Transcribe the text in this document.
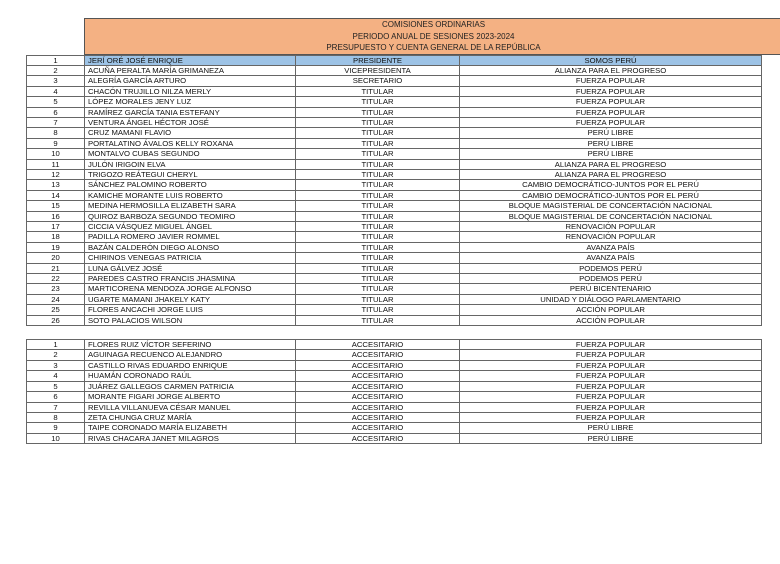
COMISIONES ORDINARIAS
PERIODO ANUAL DE SESIONES 2023-2024
PRESUPUESTO Y CUENTA GENERAL DE LA REPÚBLICA
1	JERÍ ORÉ JOSÉ ENRIQUE	PRESIDENTE	SOMOS PERÚ
2	ACUÑA PERALTA MARÍA GRIMANEZA	VICEPRESIDENTA	ALIANZA PARA EL PROGRESO
3	ALEGRÍA GARCÍA ARTURO	SECRETARIO	FUERZA POPULAR
4	CHACÓN TRUJILLO NILZA MERLY	TITULAR	FUERZA POPULAR
5	LÓPEZ MORALES JENY LUZ	TITULAR	FUERZA POPULAR
6	RAMÍREZ GARCÍA TANIA ESTEFANY	TITULAR	FUERZA POPULAR
7	VENTURA ÁNGEL HÉCTOR JOSÉ	TITULAR	FUERZA POPULAR
8	CRUZ MAMANI FLAVIO	TITULAR	PERÚ LIBRE
9	PORTALATINO ÁVALOS KELLY ROXANA	TITULAR	PERÚ LIBRE
10	MONTALVO CUBAS SEGUNDO	TITULAR	PERÚ LIBRE
11	JULÓN IRIGOIN ELVA	TITULAR	ALIANZA PARA EL PROGRESO
12	TRIGOZO REÁTEGUI CHERYL	TITULAR	ALIANZA PARA EL PROGRESO
13	SÁNCHEZ PALOMINO ROBERTO	TITULAR	CAMBIO DEMOCRÁTICO-JUNTOS POR EL PERÚ
14	KAMICHE MORANTE LUIS ROBERTO	TITULAR	CAMBIO DEMOCRÁTICO-JUNTOS POR EL PERÚ
15	MEDINA HERMOSILLA ELIZABETH SARA	TITULAR	BLOQUE MAGISTERIAL DE CONCERTACIÓN NACIONAL
16	QUIROZ BARBOZA SEGUNDO TEOMIRO	TITULAR	BLOQUE MAGISTERIAL DE CONCERTACIÓN NACIONAL
17	CICCIA VÁSQUEZ MIGUEL ÁNGEL	TITULAR	RENOVACIÓN POPULAR
18	PADILLA ROMERO JAVIER ROMMEL	TITULAR	RENOVACIÓN POPULAR
19	BAZÁN CALDERÓN DIEGO ALONSO	TITULAR	AVANZA PAÍS
20	CHIRINOS VENEGAS PATRICIA	TITULAR	AVANZA PAÍS
21	LUNA GÁLVEZ JOSÉ	TITULAR	PODEMOS PERÚ
22	PAREDES CASTRO FRANCIS JHASMINA	TITULAR	PODEMOS PERÚ
23	MARTICORENA MENDOZA JORGE ALFONSO	TITULAR	PERÚ BICENTENARIO
24	UGARTE MAMANI JHAKELY KATY	TITULAR	UNIDAD Y DIÁLOGO PARLAMENTARIO
25	FLORES ANCACHI JORGE LUIS	TITULAR	ACCIÓN POPULAR
26	SOTO PALACIOS WILSON	TITULAR	ACCIÓN POPULAR

1	FLORES RUIZ VÍCTOR SEFERINO	ACCESITARIO	FUERZA POPULAR
2	AGUINAGA RECUENCO ALEJANDRO	ACCESITARIO	FUERZA POPULAR
3	CASTILLO RIVAS EDUARDO ENRIQUE	ACCESITARIO	FUERZA POPULAR
4	HUAMÁN CORONADO RAÚL	ACCESITARIO	FUERZA POPULAR
5	JUÁREZ GALLEGOS CARMEN PATRICIA	ACCESITARIO	FUERZA POPULAR
6	MORANTE FIGARI JORGE ALBERTO	ACCESITARIO	FUERZA POPULAR
7	REVILLA VILLANUEVA CÉSAR MANUEL	ACCESITARIO	FUERZA POPULAR
8	ZETA CHUNGA CRUZ MARÍA	ACCESITARIO	FUERZA POPULAR
9	TAIPE CORONADO MARÍA ELIZABETH	ACCESITARIO	PERÚ LIBRE
10	RIVAS CHACARA JANET MILAGROS	ACCESITARIO	PERÚ LIBRE
